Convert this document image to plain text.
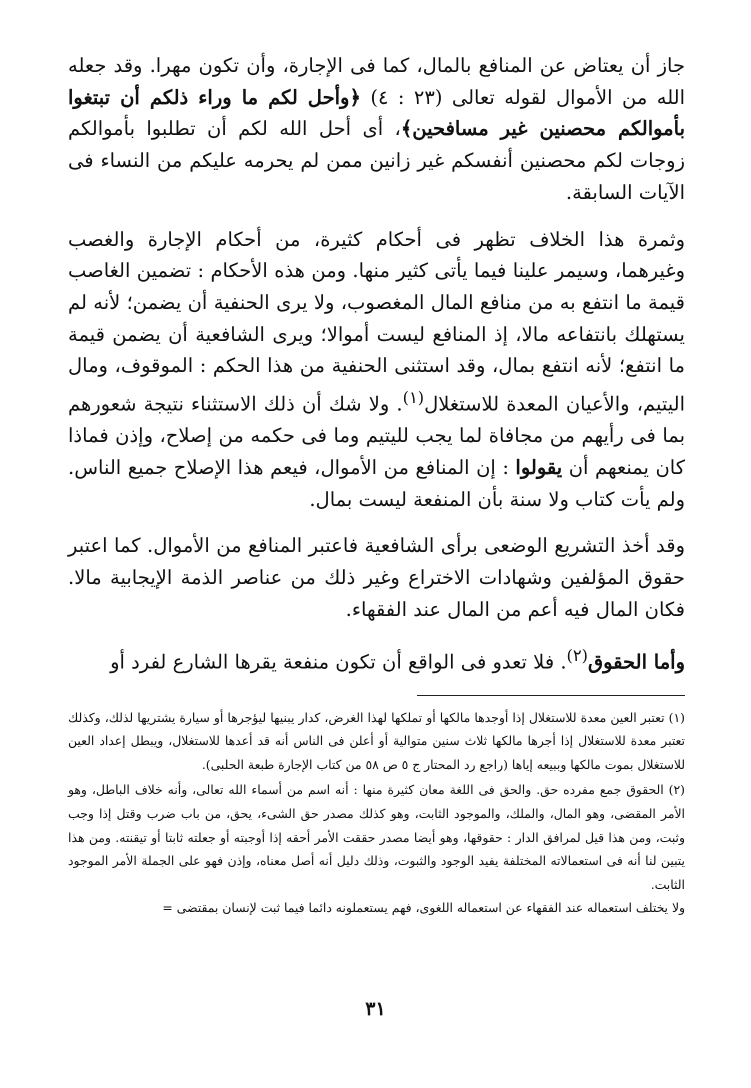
جاز أن يعتاض عن المنافع بالمال، كما فى الإجارة، وأن تكون مهرا. وقد جعله الله من الأموال لقوله تعالى (٢٣ : ٤) ﴿وأحل لكم ما وراء ذلكم أن تبتغوا بأموالكم محصنين غير مسافحين﴾، أى أحل الله لكم أن تطلبوا بأموالكم زوجات لكم محصنين أنفسكم غير زانين ممن لم يحرمه عليكم من النساء فى الآيات السابقة.

وثمرة هذا الخلاف تظهر فى أحكام كثيرة، من أحكام الإجارة والغصب وغيرهما، وسيمر علينا فيما يأتى كثير منها. ومن هذه الأحكام : تضمين الغاصب قيمة ما انتفع به من منافع المال المغصوب، ولا يرى الحنفية أن يضمن؛ لأنه لم يستهلك بانتفاعه مالا، إذ المنافع ليست أموالا؛ ويرى الشافعية أن يضمن قيمة ما انتفع؛ لأنه انتفع بمال، وقد استثنى الحنفية من هذا الحكم : الموقوف، ومال اليتيم، والأعيان المعدة للاستغلال$^{(١)}$. ولا شك أن ذلك الاستثناء نتيجة شعورهم بما فى رأيهم من مجافاة لما يجب لليتيم وما فى حكمه من إصلاح، وإذن فماذا كان يمنعهم أن يقولوا : إن المنافع من الأموال، فيعم هذا الإصلاح جميع الناس. ولم يأت كتاب ولا سنة بأن المنفعة ليست بمال.

وقد أخذ التشريع الوضعى برأى الشافعية فاعتبر المنافع من الأموال. كما اعتبر حقوق المؤلفين وشهادات الاختراع وغير ذلك من عناصر الذمة الإيجابية مالا. فكان المال فيه أعم من المال عند الفقهاء.

وأما الحقوق$^{(٢)}$. فلا تعدو فى الواقع أن تكون منفعة يقرها الشارع لفرد أو

(١) تعتبر العين معدة للاستغلال إذا أوجدها مالكها أو تملكها لهذا الغرض، كدار يبنيها ليؤجرها أو سيارة يشتريها لذلك، وكذلك تعتبر معدة للاستغلال إذا أجرها مالكها ثلاث سنين متوالية أو أعلن فى الناس أنه قد أعدها للاستغلال، ويبطل إعداد العين للاستغلال بموت مالكها وببيعه إياها (راجع رد المحتار ج ٥ ص ٥٨ من كتاب الإجارة طبعة الحلبى).

(٢) الحقوق جمع مفرده حق. والحق فى اللغة معان كثيرة منها : أنه اسم من أسماء الله تعالى، وأنه خلاف الباطل، وهو الأمر المقضى، وهو المال، والملك، والموجود الثابت، وهو كذلك مصدر حق الشىء، يحق، من باب ضرب وقتل إذا وجب وثبت، ومن هذا قيل لمرافق الدار : حقوقها، وهو أيضا مصدر حققت الأمر أحقه إذا أوجبته أو جعلته ثابتا أو تيقنته. ومن هذا يتبين لنا أنه فى استعمالاته المختلفة يفيد الوجود والثبوت، وذلك دليل أنه أصل معناه، وإذن فهو على الجملة الأمر الموجود الثابت.

ولا يختلف استعماله عند الفقهاء عن استعماله اللغوى، فهم يستعملونه دائما فيما ثبت لإنسان بمقتضى =

٣١
